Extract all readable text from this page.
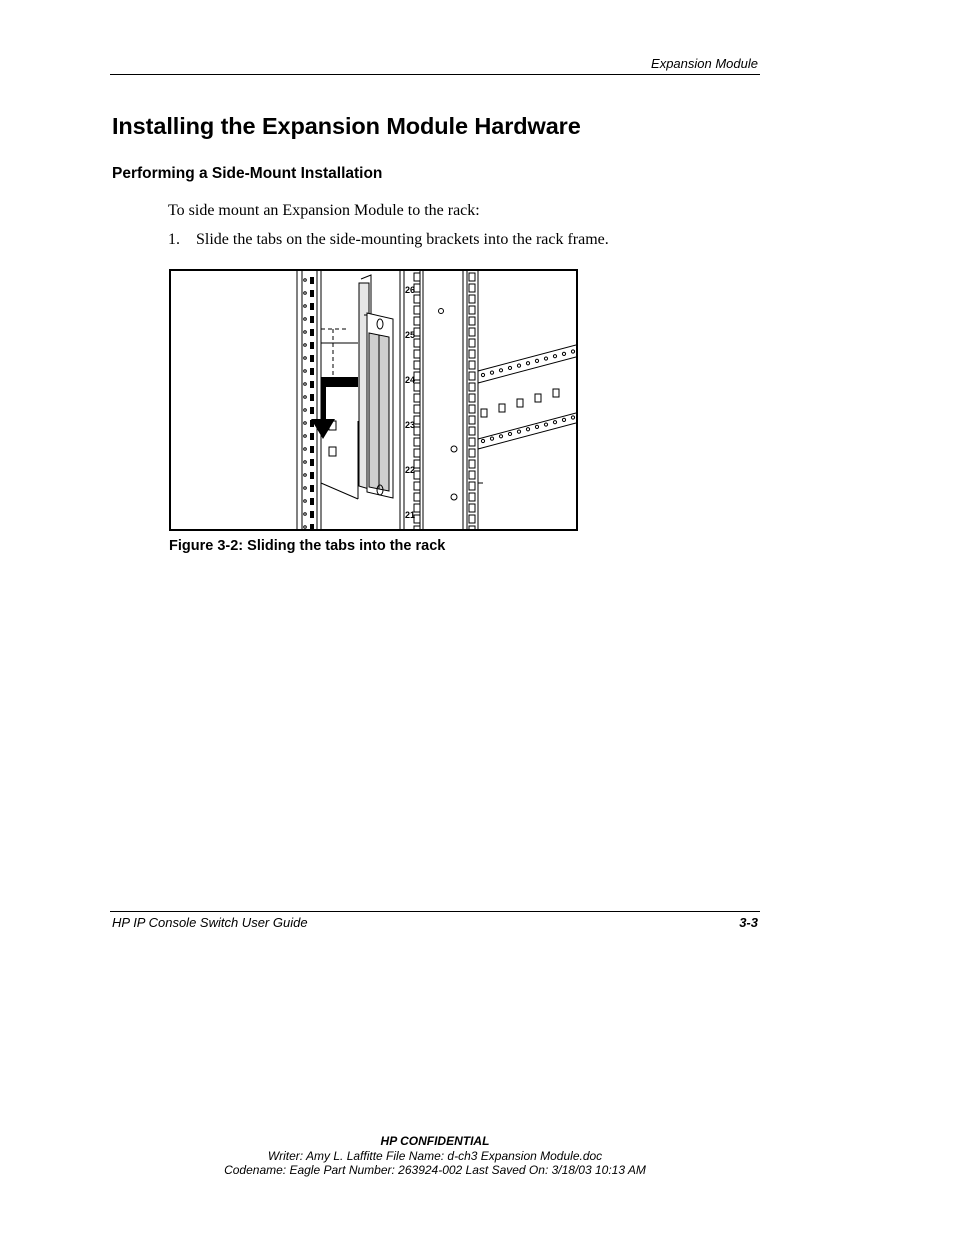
Expansion Module
Installing the Expansion Module Hardware
Performing a Side-Mount Installation

To side mount an Expansion Module to the rack:

1. Slide the tabs on the side-mounting brackets into the rack frame.

26
25
24
23
22
21

Figure 3-2: Sliding the tabs into the rack

HP IP Console Switch User Guide	3-3
HP CONFIDENTIAL
Writer: Amy L. Laffitte File Name: d-ch3 Expansion Module.doc
Codename: Eagle Part Number: 263924-002 Last Saved On: 3/18/03 10:13 AM
